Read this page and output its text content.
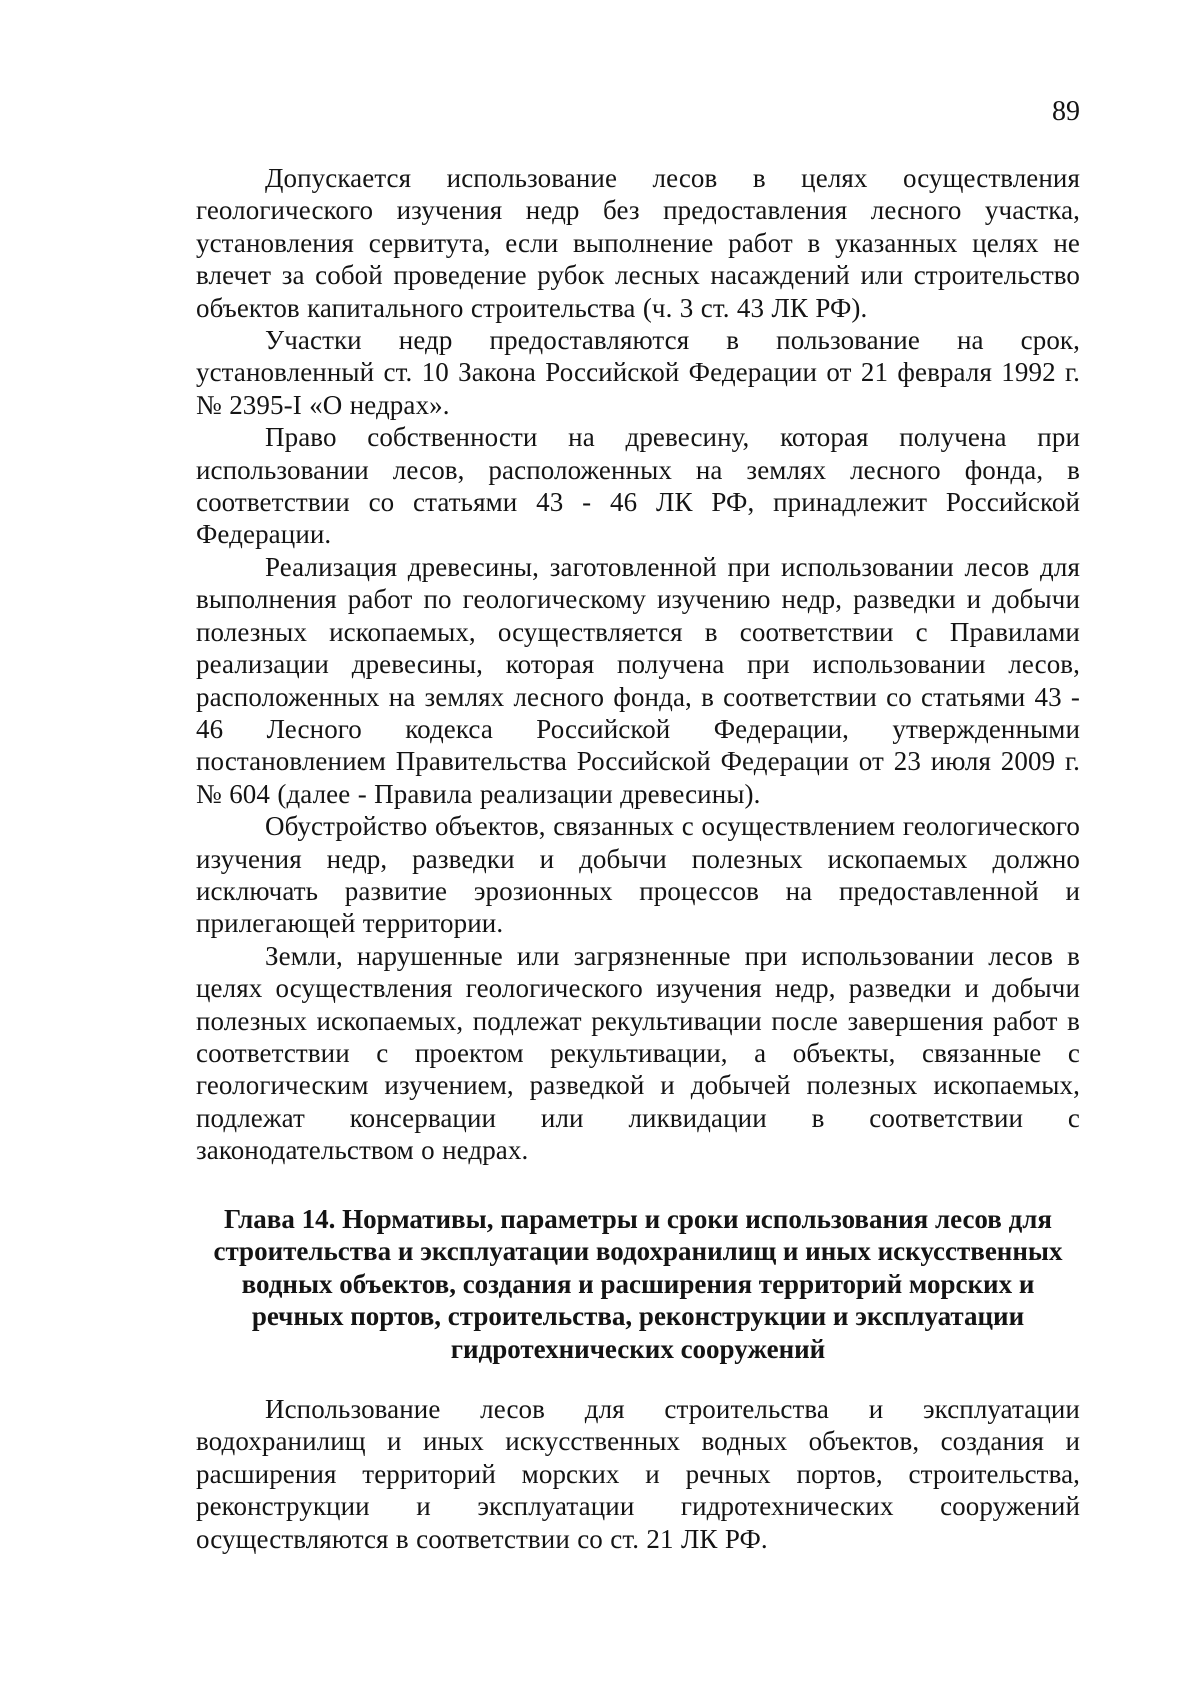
89

Допускается использование лесов в целях осуществления геологического изучения недр без предоставления лесного участка, установления сервитута, если выполнение работ в указанных целях не влечет за собой проведение рубок лесных насаждений или строительство объектов капитального строительства (ч. 3 ст. 43 ЛК РФ).

Участки недр предоставляются в пользование на срок, установленный ст. 10 Закона Российской Федерации от 21 февраля 1992 г. № 2395-I «О недрах».

Право собственности на древесину, которая получена при использовании лесов, расположенных на землях лесного фонда, в соответствии со статьями 43 - 46 ЛК РФ, принадлежит Российской Федерации.

Реализация древесины, заготовленной при использовании лесов для выполнения работ по геологическому изучению недр, разведки и добычи полезных ископаемых, осуществляется в соответствии с Правилами реализации древесины, которая получена при использовании лесов, расположенных на землях лесного фонда, в соответствии со статьями 43 - 46 Лесного кодекса Российской Федерации, утвержденными постановлением Правительства Российской Федерации от 23 июля 2009 г. № 604 (далее - Правила реализации древесины).

Обустройство объектов, связанных с осуществлением геологического изучения недр, разведки и добычи полезных ископаемых должно исключать развитие эрозионных процессов на предоставленной и прилегающей территории.

Земли, нарушенные или загрязненные при использовании лесов в целях осуществления геологического изучения недр, разведки и добычи полезных ископаемых, подлежат рекультивации после завершения работ в соответствии с проектом рекультивации, а объекты, связанные с геологическим изучением, разведкой и добычей полезных ископаемых, подлежат консервации или ликвидации в соответствии с законодательством о недрах.

Глава 14. Нормативы, параметры и сроки использования лесов для строительства и эксплуатации водохранилищ и иных искусственных водных объектов, создания и расширения территорий морских и речных портов, строительства, реконструкции и эксплуатации гидротехнических сооружений

Использование лесов для строительства и эксплуатации водохранилищ и иных искусственных водных объектов, создания и расширения территорий морских и речных портов, строительства, реконструкции и эксплуатации гидротехнических сооружений осуществляются в соответствии со ст. 21 ЛК РФ.
